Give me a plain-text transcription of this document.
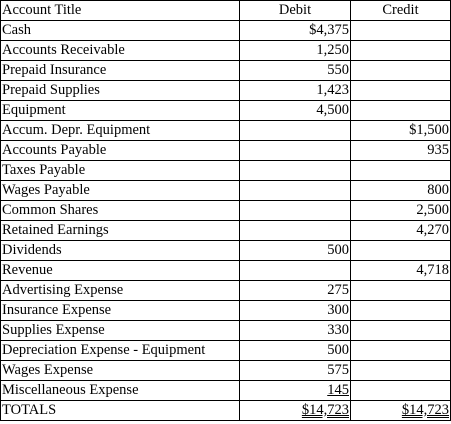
Account Title	Debit	Credit
Cash	$4,375	
Accounts Receivable	1,250	
Prepaid Insurance	550	
Prepaid Supplies	1,423	
Equipment	4,500	
Accum. Depr. Equipment		$1,500
Accounts Payable		935
Taxes Payable		
Wages Payable		800
Common Shares		2,500
Retained Earnings		4,270
Dividends	500	
Revenue		4,718
Advertising Expense	275	
Insurance Expense	300	
Supplies Expense	330	
Depreciation Expense - Equipment	500	
Wages Expense	575	
Miscellaneous Expense	145	
TOTALS	$14,723	$14,723
